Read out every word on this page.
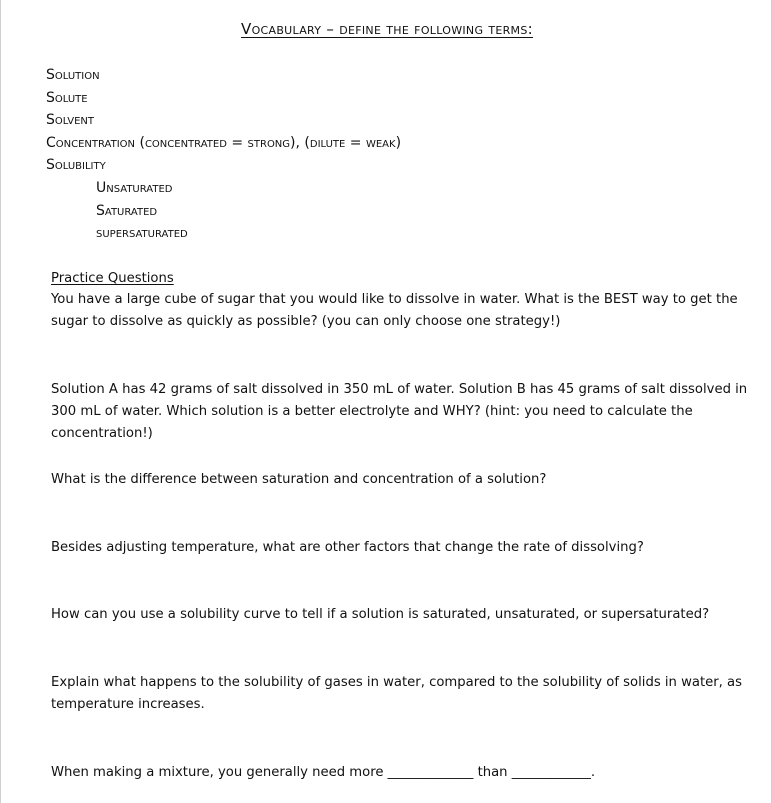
Vocabulary – define the following terms:
Solution
Solute
Solvent
Concentration (concentrated = strong), (dilute = weak)
Solubility
Unsaturated
Saturated
supersaturated
Practice Questions
You have a large cube of sugar that you would like to dissolve in water. What is the BEST way to get the sugar to dissolve as quickly as possible? (you can only choose one strategy!)
Solution A has 42 grams of salt dissolved in 350 mL of water. Solution B has 45 grams of salt dissolved in 300 mL of water. Which solution is a better electrolyte and WHY? (hint: you need to calculate the concentration!)
What is the difference between saturation and concentration of a solution?
Besides adjusting temperature, what are other factors that change the rate of dissolving?
How can you use a solubility curve to tell if a solution is saturated, unsaturated, or supersaturated?
Explain what happens to the solubility of gases in water, compared to the solubility of solids in water, as temperature increases.
When making a mixture, you generally need more _____________ than ____________.
